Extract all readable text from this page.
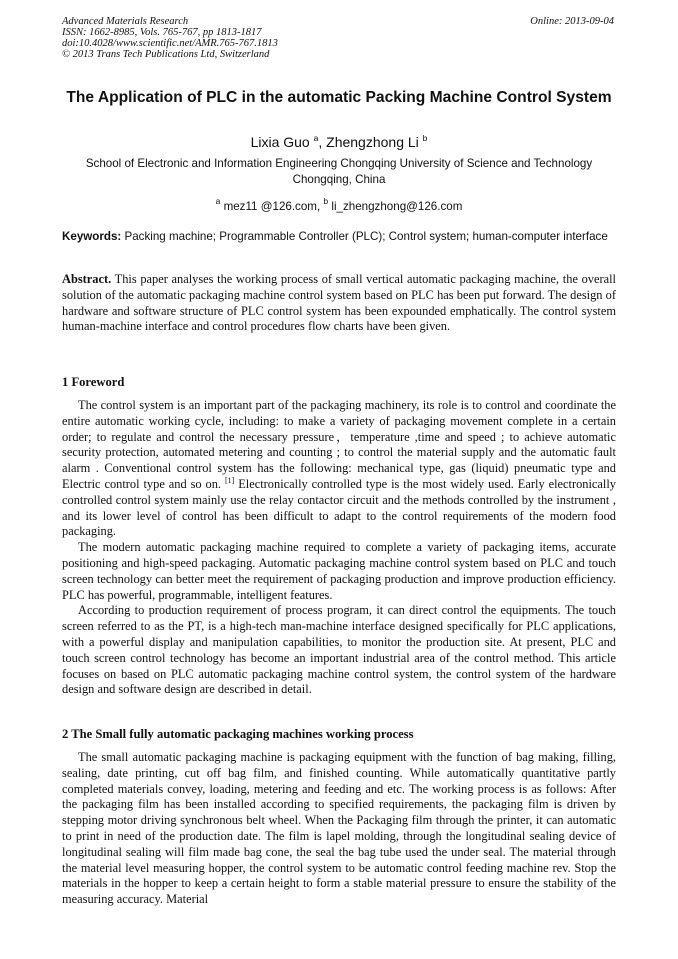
Advanced Materials Research
ISSN: 1662-8985, Vols. 765-767, pp 1813-1817
doi:10.4028/www.scientific.net/AMR.765-767.1813
© 2013 Trans Tech Publications Ltd, Switzerland
Online: 2013-09-04
The Application of PLC in the automatic Packing Machine Control System
Lixia Guo $^a$, Zhengzhong Li $^b$
School of Electronic and Information Engineering Chongqing University of Science and Technology Chongqing, China
$^a$ mez11 @126.com, $^b$ li_zhengzhong@126.com
Keywords: Packing machine; Programmable Controller (PLC); Control system; human-computer interface
Abstract. This paper analyses the working process of small vertical automatic packaging machine, the overall solution of the automatic packaging machine control system based on PLC has been put forward. The design of hardware and software structure of PLC control system has been expounded emphatically. The control system human-machine interface and control procedures flow charts have been given.
1 Foreword

The control system is an important part of the packaging machinery, its role is to control and coordinate the entire automatic working cycle, including: to make a variety of packaging movement complete in a certain order; to regulate and control the necessary pressure，temperature ,time and speed ; to achieve automatic security protection, automated metering and counting ; to control the material supply and the automatic fault alarm . Conventional control system has the following: mechanical type, gas (liquid) pneumatic type and Electric control type and so on. [1] Electronically controlled type is the most widely used. Early electronically controlled control system mainly use the relay contactor circuit and the methods controlled by the instrument , and its lower level of control has been difficult to adapt to the control requirements of the modern food packaging.

The modern automatic packaging machine required to complete a variety of packaging items, accurate positioning and high-speed packaging. Automatic packaging machine control system based on PLC and touch screen technology can better meet the requirement of packaging production and improve production efficiency. PLC has powerful, programmable, intelligent features.

According to production requirement of process program, it can direct control the equipments. The touch screen referred to as the PT, is a high-tech man-machine interface designed specifically for PLC applications, with a powerful display and manipulation capabilities, to monitor the production site. At present, PLC and touch screen control technology has become an important industrial area of the control method. This article focuses on based on PLC automatic packaging machine control system, the control system of the hardware design and software design are described in detail.

2 The Small fully automatic packaging machines working process

The small automatic packaging machine is packaging equipment with the function of bag making, filling, sealing, date printing, cut off bag film, and finished counting. While automatically quantitative partly completed materials convey, loading, metering and feeding and etc. The working process is as follows: After the packaging film has been installed according to specified requirements, the packaging film is driven by stepping motor driving synchronous belt wheel. When the Packaging film through the printer, it can automatic to print in need of the production date. The film is lapel molding, through the longitudinal sealing device of longitudinal sealing will film made bag cone, the seal the bag tube used the under seal. The material through the material level measuring hopper, the control system to be automatic control feeding machine rev. Stop the materials in the hopper to keep a certain height to form a stable material pressure to ensure the stability of the measuring accuracy. Material
